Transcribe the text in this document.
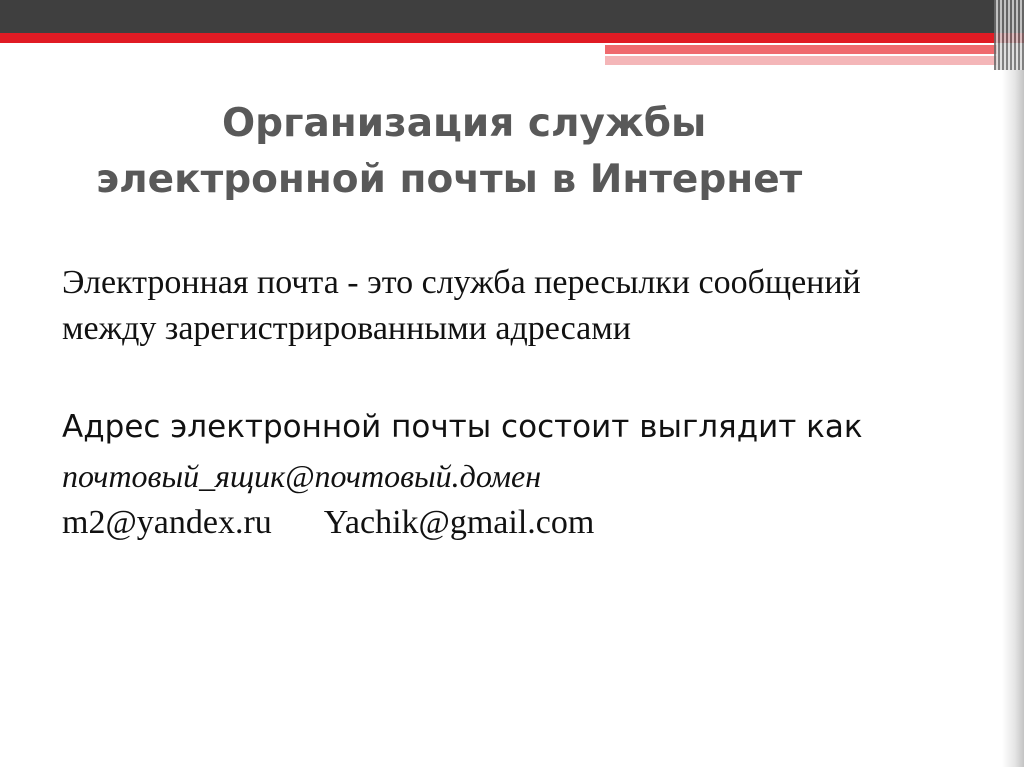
Организация службы
электронной почты в Интернет

Электронная почта - это служба пересылки сообщений между зарегистрированными адресами

Адрес электронной почты состоит выглядит как

почтовый_ящик@почтовый.домен

m2@yandex.ru Yachik@gmail.com
